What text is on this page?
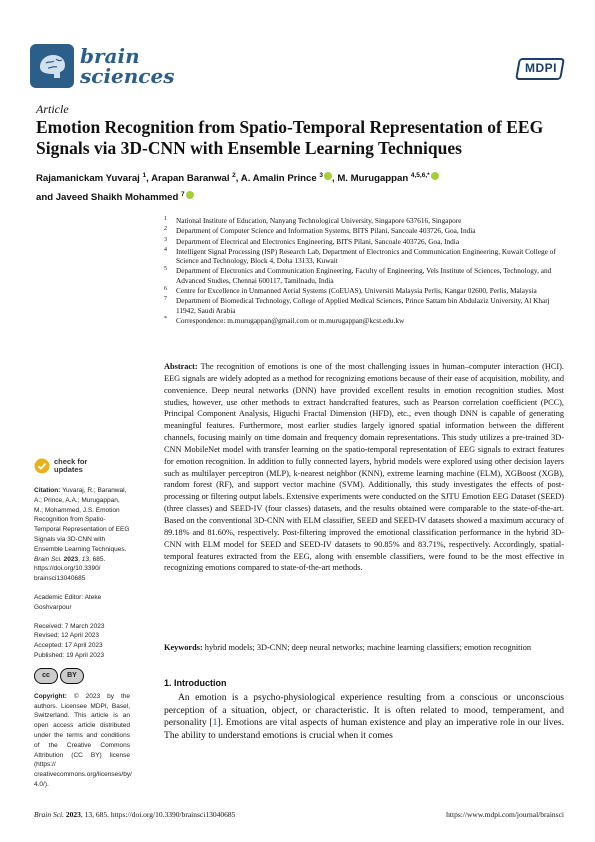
brain
sciences	MDPI
Article
Emotion Recognition from Spatio-Temporal Representation of EEG Signals via 3D-CNN with Ensemble Learning Techniques
Rajamanickam Yuvaraj $^1$, Arapan Baranwal $^2$, A. Amalin Prince $^3$ , M. Murugappan $^{4,5,6,*}$
and Javeed Shaikh Mohammed $^7$
1 National Institute of Education, Nanyang Technological University, Singapore 637616, Singapore
2 Department of Computer Science and Information Systems, BITS Pilani, Sancoale 403726, Goa, India
3 Department of Electrical and Electronics Engineering, BITS Pilani, Sancoale 403726, Goa, India
4 Intelligent Signal Processing (ISP) Research Lab, Department of Electronics and Communication Engineering, Kuwait College of Science and Technology, Block 4, Doha 13133, Kuwait
5 Department of Electronics and Communication Engineering, Faculty of Engineering, Vels Institute of Sciences, Technology, and Advanced Studies, Chennai 600117, Tamilnadu, India
6 Centre for Excellence in Unmanned Aerial Systems (CoEUAS), Universiti Malaysia Perlis, Kangar 02600, Perlis, Malaysia
7 Department of Biomedical Technology, College of Applied Medical Sciences, Prince Sattam bin Abdulaziz University, Al Kharj 11942, Saudi Arabia
* Correspondence: m.murugappan@gmail.com or m.murugappan@kcst.edu.kw
Abstract: The recognition of emotions is one of the most challenging issues in human–computer interaction (HCI). EEG signals are widely adopted as a method for recognizing emotions because of their ease of acquisition, mobility, and convenience. Deep neural networks (DNN) have provided excellent results in emotion recognition studies. Most studies, however, use other methods to extract handcrafted features, such as Pearson correlation coefficient (PCC), Principal Component Analysis, Higuchi Fractal Dimension (HFD), etc., even though DNN is capable of generating meaningful features. Furthermore, most earlier studies largely ignored spatial information between the different channels, focusing mainly on time domain and frequency domain representations. This study utilizes a pre-trained 3D-CNN MobileNet model with transfer learning on the spatio-temporal representation of EEG signals to extract features for emotion recognition. In addition to fully connected layers, hybrid models were explored using other decision layers such as multilayer perceptron (MLP), k-nearest neighbor (KNN), extreme learning machine (ELM), XGBoost (XGB), random forest (RF), and support vector machine (SVM). Additionally, this study investigates the effects of post-processing or filtering output labels. Extensive experiments were conducted on the SJTU Emotion EEG Dataset (SEED) (three classes) and SEED-IV (four classes) datasets, and the results obtained were comparable to the state-of-the-art. Based on the conventional 3D-CNN with ELM classifier, SEED and SEED-IV datasets showed a maximum accuracy of 89.18% and 81.60%, respectively. Post-filtering improved the emotional classification performance in the hybrid 3D-CNN with ELM model for SEED and SEED-IV datasets to 90.85% and 83.71%, respectively. Accordingly, spatial-temporal features extracted from the EEG, along with ensemble classifiers, were found to be the most effective in recognizing emotions compared to state-of-the-art methods.
Keywords: hybrid models; 3D-CNN; deep neural networks; machine learning classifiers; emotion recognition
check for
updates
Citation: Yuvaraj, R.; Baranwal, A.; Prince, A.A.; Murugappan, M.; Mohammed, J.S. Emotion Recognition from Spatio-Temporal Representation of EEG Signals via 3D-CNN with Ensemble Learning Techniques. Brain Sci. 2023, 13, 685. https://doi.org/10.3390/ brainsci13040685
Academic Editor: Ateke Goshvarpour
Received: 7 March 2023
Revised: 12 April 2023
Accepted: 17 April 2023
Published: 19 April 2023
cc	BY
Copyright: © 2023 by the authors. Licensee MDPI, Basel, Switzerland. This article is an open access article distributed under the terms and conditions of the Creative Commons Attribution (CC BY) license (https:// creativecommons.org/licenses/by/ 4.0/).
1. Introduction
An emotion is a psycho-physiological experience resulting from a conscious or unconscious perception of a situation, object, or characteristic. It is often related to mood, temperament, and personality [1]. Emotions are vital aspects of human existence and play an imperative role in our lives. The ability to understand emotions is crucial when it comes
Brain Sci. 2023, 13, 685. https://doi.org/10.3390/brainsci13040685	https://www.mdpi.com/journal/brainsci
